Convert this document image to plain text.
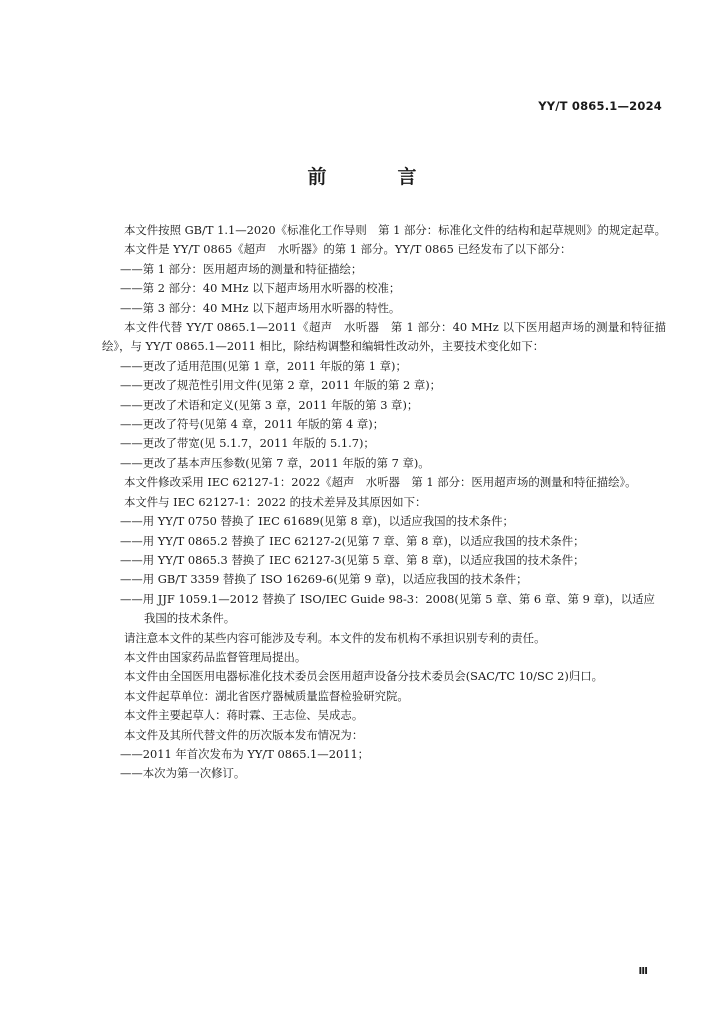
YY/T 0865.1—2024
前　言

本文件按照 GB/T 1.1—2020《标准化工作导则　第 1 部分：标准化文件的结构和起草规则》的规定起草。

本文件是 YY/T 0865《超声　水听器》的第 1 部分。YY/T 0865 已经发布了以下部分：

——第 1 部分：医用超声场的测量和特征描绘；

——第 2 部分：40 MHz 以下超声场用水听器的校准；

——第 3 部分：40 MHz 以下超声场用水听器的特性。

本文件代替 YY/T 0865.1—2011《超声　水听器　第 1 部分：40 MHz 以下医用超声场的测量和特征描绘》，与 YY/T 0865.1—2011 相比，除结构调整和编辑性改动外，主要技术变化如下：

——更改了适用范围(见第 1 章，2011 年版的第 1 章)；

——更改了规范性引用文件(见第 2 章，2011 年版的第 2 章)；

——更改了术语和定义(见第 3 章，2011 年版的第 3 章)；

——更改了符号(见第 4 章，2011 年版的第 4 章)；

——更改了带宽(见 5.1.7，2011 年版的 5.1.7)；

——更改了基本声压参数(见第 7 章，2011 年版的第 7 章)。

本文件修改采用 IEC 62127-1：2022《超声　水听器　第 1 部分：医用超声场的测量和特征描绘》。

本文件与 IEC 62127-1：2022 的技术差异及其原因如下：

——用 YY/T 0750 替换了 IEC 61689(见第 8 章)，以适应我国的技术条件；

——用 YY/T 0865.2 替换了 IEC 62127-2(见第 7 章、第 8 章)，以适应我国的技术条件；

——用 YY/T 0865.3 替换了 IEC 62127-3(见第 5 章、第 8 章)，以适应我国的技术条件；

——用 GB/T 3359 替换了 ISO 16269-6(见第 9 章)，以适应我国的技术条件；

——用 JJF 1059.1—2012 替换了 ISO/IEC Guide 98-3：2008(见第 5 章、第 6 章、第 9 章)，以适应我国的技术条件。

请注意本文件的某些内容可能涉及专利。本文件的发布机构不承担识别专利的责任。

本文件由国家药品监督管理局提出。

本文件由全国医用电器标准化技术委员会医用超声设备分技术委员会(SAC/TC 10/SC 2)归口。

本文件起草单位：湖北省医疗器械质量监督检验研究院。

本文件主要起草人：蒋时霖、王志俭、吴成志。

本文件及其所代替文件的历次版本发布情况为：

——2011 年首次发布为 YY/T 0865.1—2011；

——本次为第一次修订。

Ⅲ
